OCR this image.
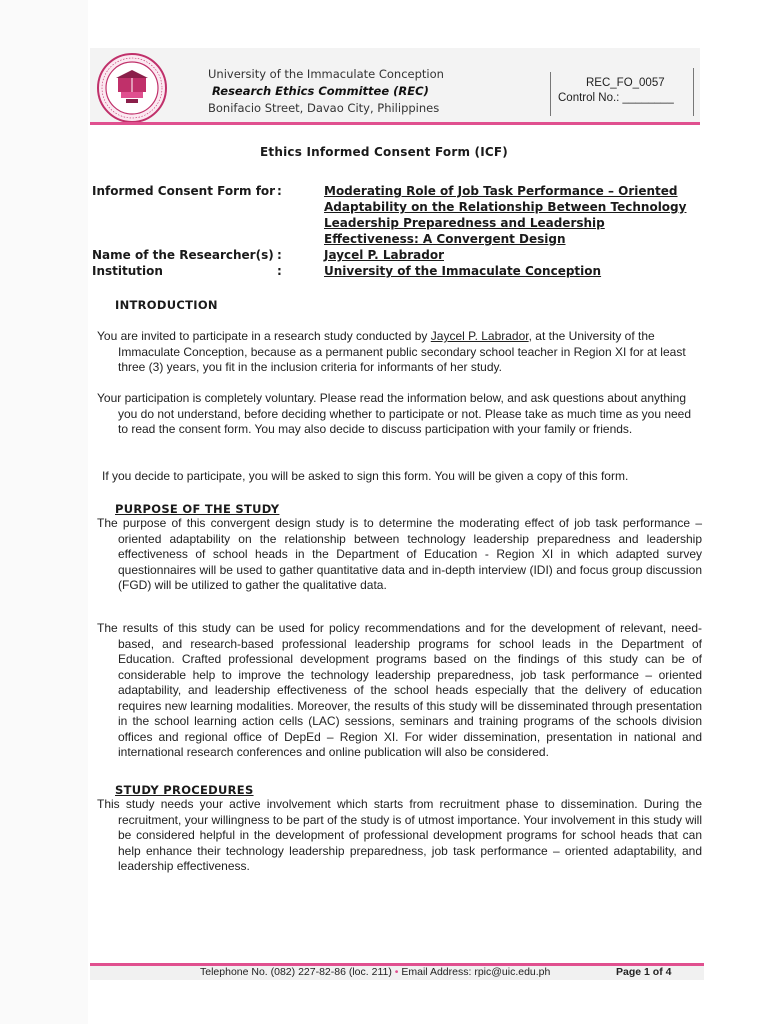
University of the Immaculate Conception
Research Ethics Committee (REC)
Bonifacio Street, Davao City, Philippines
REC_FO_0057
Control No.: ________
Ethics Informed Consent Form (ICF)
Informed Consent Form for :	Moderating Role of Job Task Performance – Oriented Adaptability on the Relationship Between Technology Leadership Preparedness and Leadership Effectiveness: A Convergent Design
Name of the Researcher(s) :	Jaycel P. Labrador
Institution	:	University of the Immaculate Conception
INTRODUCTION
You are invited to participate in a research study conducted by Jaycel P. Labrador, at the University of the Immaculate Conception, because as a permanent public secondary school teacher in Region XI for at least three (3) years, you fit in the inclusion criteria for informants of her study.
Your participation is completely voluntary. Please read the information below, and ask questions about anything you do not understand, before deciding whether to participate or not. Please take as much time as you need to read the consent form. You may also decide to discuss participation with your family or friends.
If you decide to participate, you will be asked to sign this form. You will be given a copy of this form.
PURPOSE OF THE STUDY
The purpose of this convergent design study is to determine the moderating effect of job task performance – oriented adaptability on the relationship between technology leadership preparedness and leadership effectiveness of school heads in the Department of Education - Region XI in which adapted survey questionnaires will be used to gather quantitative data and in-depth interview (IDI) and focus group discussion (FGD) will be utilized to gather the qualitative data.
The results of this study can be used for policy recommendations and for the development of relevant, need-based, and research-based professional leadership programs for school leads in the Department of Education. Crafted professional development programs based on the findings of this study can be of considerable help to improve the technology leadership preparedness, job task performance – oriented adaptability, and leadership effectiveness of the school heads especially that the delivery of education requires new learning modalities. Moreover, the results of this study will be disseminated through presentation in the school learning action cells (LAC) sessions, seminars and training programs of the schools division offices and regional office of DepEd – Region XI. For wider dissemination, presentation in national and international research conferences and online publication will also be considered.
STUDY PROCEDURES
This study needs your active involvement which starts from recruitment phase to dissemination. During the recruitment, your willingness to be part of the study is of utmost importance. Your involvement in this study will be considered helpful in the development of professional development programs for school heads that can help enhance their technology leadership preparedness, job task performance – oriented adaptability, and leadership effectiveness.
Telephone No. (082) 227-82-86 (loc. 211) • Email Address: rpic@uic.edu.ph	Page 1 of 4
